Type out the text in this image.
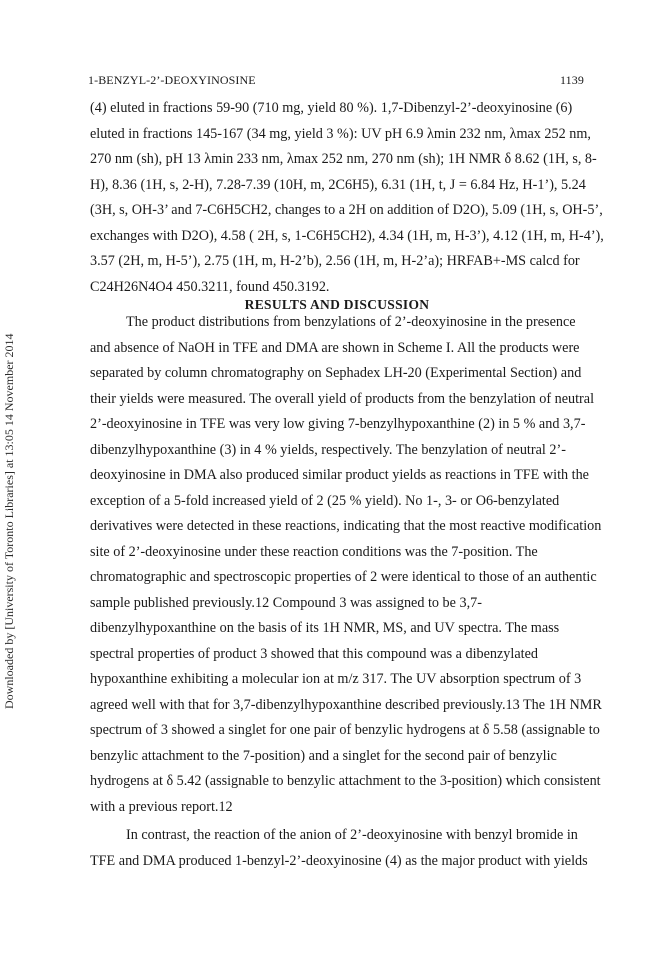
1-BENZYL-2’-DEOXYINOSINE	1139
Downloaded by [University of Toronto Libraries] at 13:05 14 November 2014
(4) eluted in fractions 59-90 (710 mg, yield 80 %). 1,7-Dibenzyl-2’-deoxyinosine (6)
eluted in fractions 145-167 (34 mg, yield 3 %): UV pH 6.9 λmin 232 nm, λmax 252 nm,
270 nm (sh), pH 13 λmin 233 nm, λmax 252 nm, 270 nm (sh); 1H NMR δ 8.62 (1H, s, 8-
H), 8.36 (1H, s, 2-H), 7.28-7.39 (10H, m, 2C6H5), 6.31 (1H, t, J = 6.84 Hz, H-1’), 5.24
(3H, s, OH-3’ and 7-C6H5CH2, changes to a 2H on addition of D2O), 5.09 (1H, s, OH-5’,
exchanges with D2O), 4.58 ( 2H, s, 1-C6H5CH2), 4.34 (1H, m, H-3’), 4.12 (1H, m, H-4’),
3.57 (2H, m, H-5’), 2.75 (1H, m, H-2’b), 2.56 (1H, m, H-2’a); HRFAB+-MS calcd for
C24H26N4O4 450.3211, found 450.3192.
RESULTS AND DISCUSSION
The product distributions from benzylations of 2’-deoxyinosine in the presence
and absence of NaOH in TFE and DMA are shown in Scheme I. All the products were
separated by column chromatography on Sephadex LH-20 (Experimental Section) and
their yields were measured. The overall yield of products from the benzylation of neutral
2’-deoxyinosine in TFE was very low giving 7-benzylhypoxanthine (2) in 5 % and 3,7-
dibenzylhypoxanthine (3) in 4 % yields, respectively. The benzylation of neutral 2’-
deoxyinosine in DMA also produced similar product yields as reactions in TFE with the
exception of a 5-fold increased yield of 2 (25 % yield). No 1-, 3- or O6-benzylated
derivatives were detected in these reactions, indicating that the most reactive modification
site of 2’-deoxyinosine under these reaction conditions was the 7-position. The
chromatographic and spectroscopic properties of 2 were identical to those of an authentic
sample published previously.12 Compound 3 was assigned to be 3,7-
dibenzylhypoxanthine on the basis of its 1H NMR, MS, and UV spectra. The mass
spectral properties of product 3 showed that this compound was a dibenzylated
hypoxanthine exhibiting a molecular ion at m/z 317. The UV absorption spectrum of 3
agreed well with that for 3,7-dibenzylhypoxanthine described previously.13 The 1H NMR
spectrum of 3 showed a singlet for one pair of benzylic hydrogens at δ 5.58 (assignable to
benzylic attachment to the 7-position) and a singlet for the second pair of benzylic
hydrogens at δ 5.42 (assignable to benzylic attachment to the 3-position) which consistent
with a previous report.12
In contrast, the reaction of the anion of 2’-deoxyinosine with benzyl bromide in
TFE and DMA produced 1-benzyl-2’-deoxyinosine (4) as the major product with yields
